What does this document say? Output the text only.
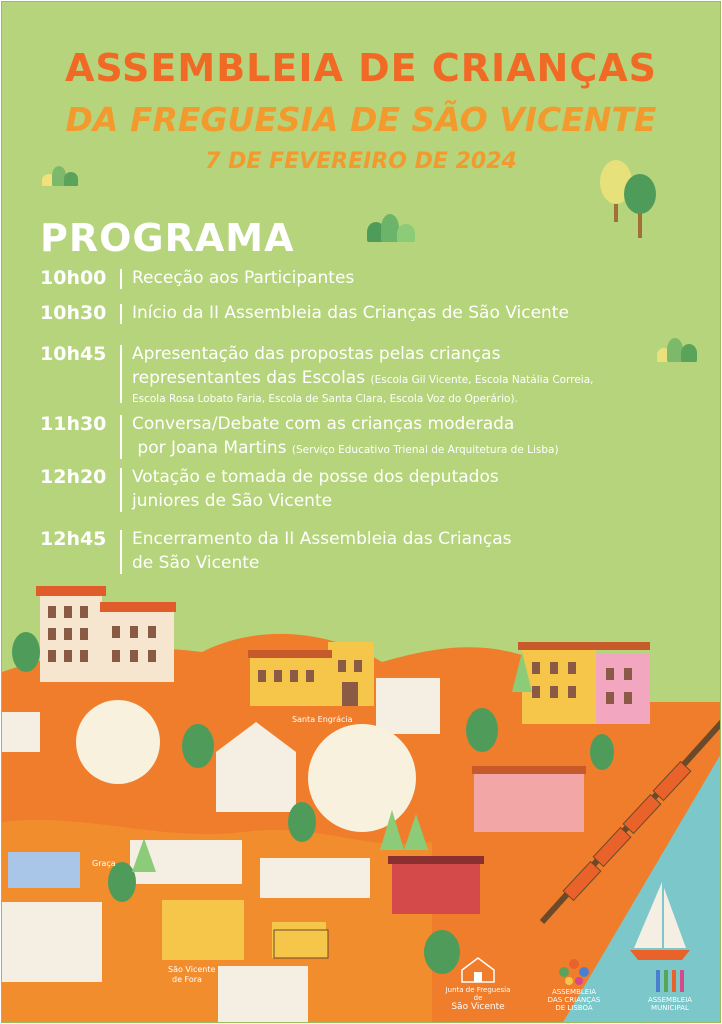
ASSEMBLEIA DE CRIANÇAS
DA FREGUESIA DE SÃO VICENTE
7 DE FEVEREIRO DE 2024
PROGRAMA
10h00	Receção aos Participantes
10h30	Início da II Assembleia das Crianças de São Vicente
10h45	Apresentação das propostas pelas crianças
representantes das Escolas (Escola Gil Vicente, Escola Natália Correia,
Escola Rosa Lobato Faria, Escola de Santa Clara, Escola Voz do Operário).
11h30	Conversa/Debate com as crianças moderada
por Joana Martins (Serviço Educativo Trienal de Arquitetura de Lisba)
12h20	Votação e tomada de posse dos deputados
juniores de São Vicente
12h45	Encerramento da II Assembleia das Crianças
de São Vicente
Santa Engrácia
Graça
São Vicente
de Fora
Junta de Freguesia de
São Vicente
ASSEMBLEIA
DAS CRIANÇAS
DE LISBOA
ASSEMBLEIA MUNICIPAL
